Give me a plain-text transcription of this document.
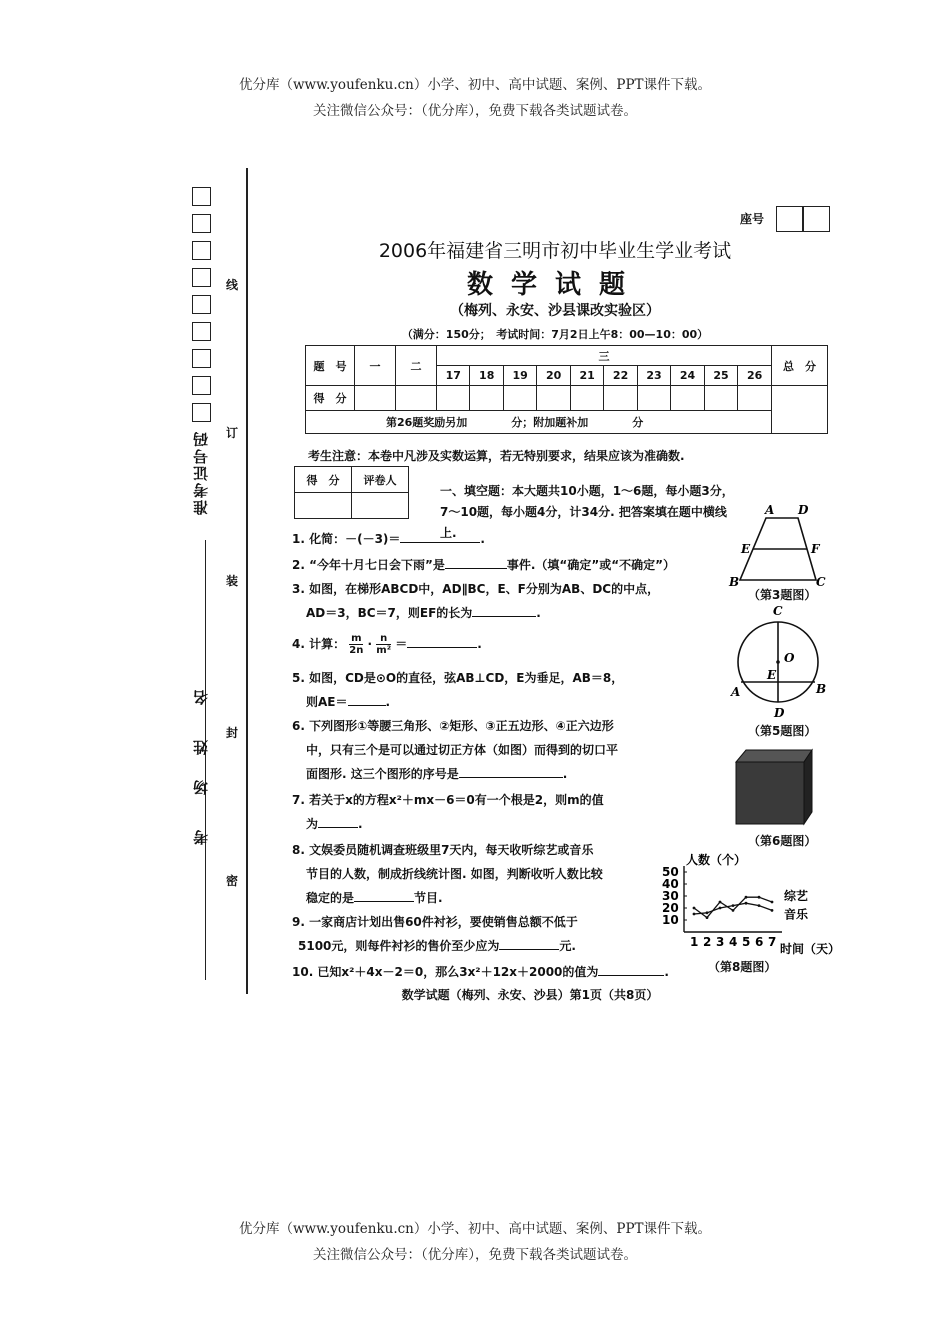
优分库（www.youfenku.cn）小学、初中、高中试题、案例、PPT课件下载。
关注微信公众号：（优分库），免费下载各类试题试卷。
优分库（www.youfenku.cn）小学、初中、高中试题、案例、PPT课件下载。
关注微信公众号：（优分库），免费下载各类试题试卷。
准考证号码
姓　名
考　场
线
订
装
封
密
座号
2006年福建省三明市初中毕业生学业考试
数学试题
（梅列、永安、沙县课改实验区）
（满分：150分；　考试时间：7月2日上午8：00—10：00）
题　号	一	二	三										总　分
			17	18	19	20	21	22	23	24	25	26	
得　分													
第26题奖励另加　　　　分；附加题补加　　　　分													
考生注意：本卷中凡涉及实数运算，若无特别要求，结果应该为准确数.
得　分	评卷人

一、填空题：本大题共10小题，1～6题，每小题3分，7～10题，每小题4分，计34分. 把答案填在题中横线上.
1. 化简：－(－3)＝	.
2. “今年十月七日会下雨”是	事件.（填“确定”或“不确定”）
3. 如图，在梯形ABCD中，AD∥BC，E、F分别为AB、DC的中点，
AD＝3，BC＝7，则EF的长为	.
4. 计算： $\frac{m}{2n} \cdot \frac{n}{\text{m²}}$ ＝	.
5. 如图，CD是⊙O的直径，弦AB⊥CD，E为垂足，AB＝8，
则AE＝	.
6. 下列图形①等腰三角形、②矩形、③正五边形、④正六边形
中，只有三个是可以通过切正方体（如图）而得到的切口平
面图形. 这三个图形的序号是	.
7. 若关于x的方程x²＋mx－6＝0有一个根是2，则m的值
为	.
8. 文娱委员随机调查班级里7天内，每天收听综艺或音乐
节目的人数，制成折线统计图. 如图，判断收听人数比较
稳定的是	节目.
9. 一家商店计划出售60件衬衫，要使销售总额不低于
5100元，则每件衬衫的售价至少应为	元.
10. 已知x²＋4x－2＝0，那么3x²＋12x＋2000的值为	.
A D
E	F
B	C
（第3题图）
C
O
E
A	B
D
（第5题图）
（第6题图）
人数（个）
时间（天）
10
20
30
40
50
1 2 3 4 5 6 7
综艺
音乐
（第8题图）
数学试题（梅列、永安、沙县）第1页（共8页）
